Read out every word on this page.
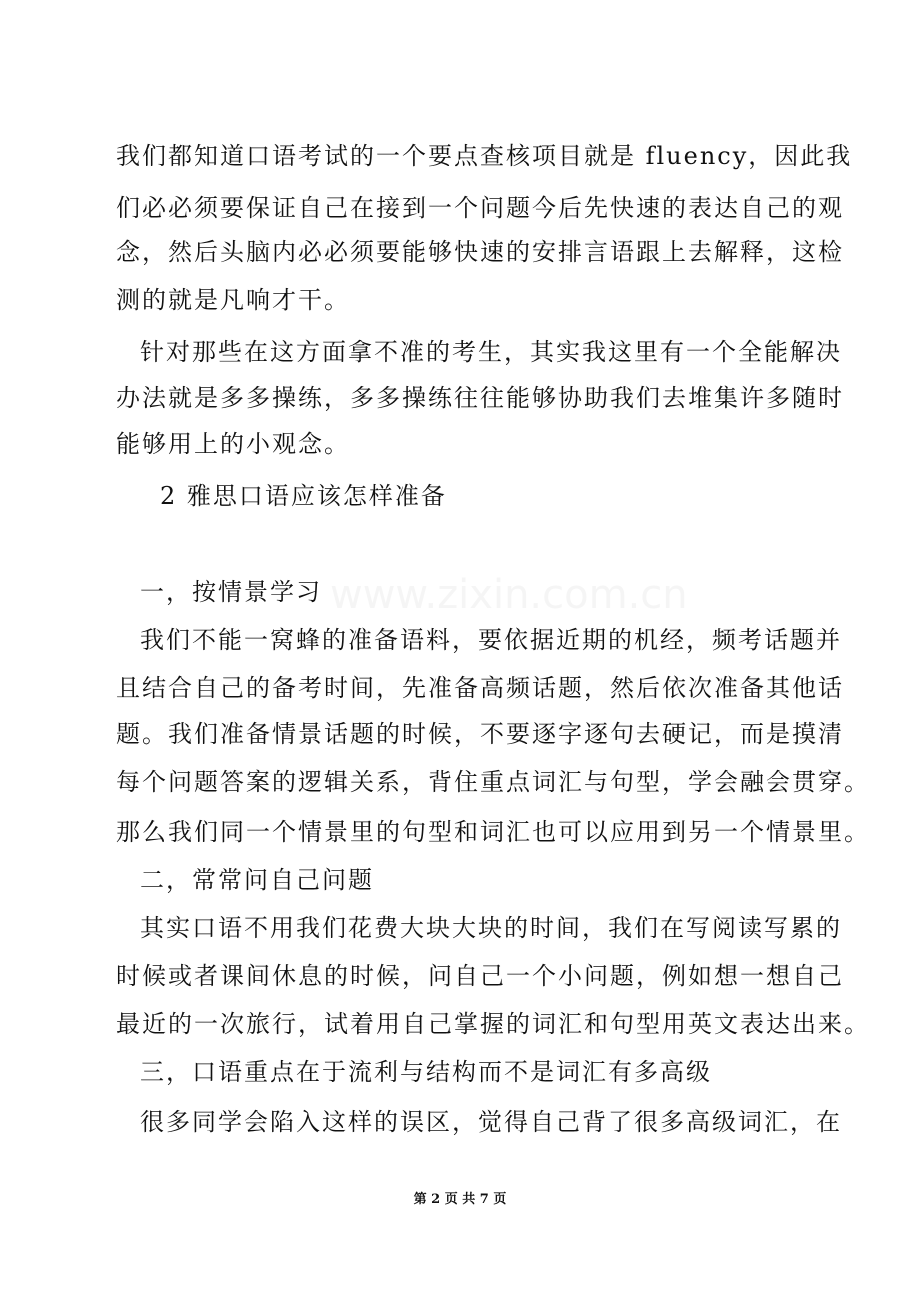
www.zixin.com.cn
我们都知道口语考试的一个要点查核项目就是 fluency，因此我
们必必须要保证自己在接到一个问题今后先快速的表达自己的观
念，然后头脑内必必须要能够快速的安排言语跟上去解释，这检
测的就是凡响才干。
针对那些在这方面拿不准的考生，其实我这里有一个全能解决
办法就是多多操练，多多操练往往能够协助我们去堆集许多随时
能够用上的小观念。
2 雅思口语应该怎样准备
一，按情景学习
我们不能一窝蜂的准备语料，要依据近期的机经，频考话题并
且结合自己的备考时间，先准备高频话题，然后依次准备其他话
题。我们准备情景话题的时候，不要逐字逐句去硬记，而是摸清
每个问题答案的逻辑关系，背住重点词汇与句型，学会融会贯穿。
那么我们同一个情景里的句型和词汇也可以应用到另一个情景里。
二，常常问自己问题
其实口语不用我们花费大块大块的时间，我们在写阅读写累的
时候或者课间休息的时候，问自己一个小问题，例如想一想自己
最近的一次旅行，试着用自己掌握的词汇和句型用英文表达出来。
三，口语重点在于流利与结构而不是词汇有多高级
很多同学会陷入这样的误区，觉得自己背了很多高级词汇，在
第 2 页 共 7 页
